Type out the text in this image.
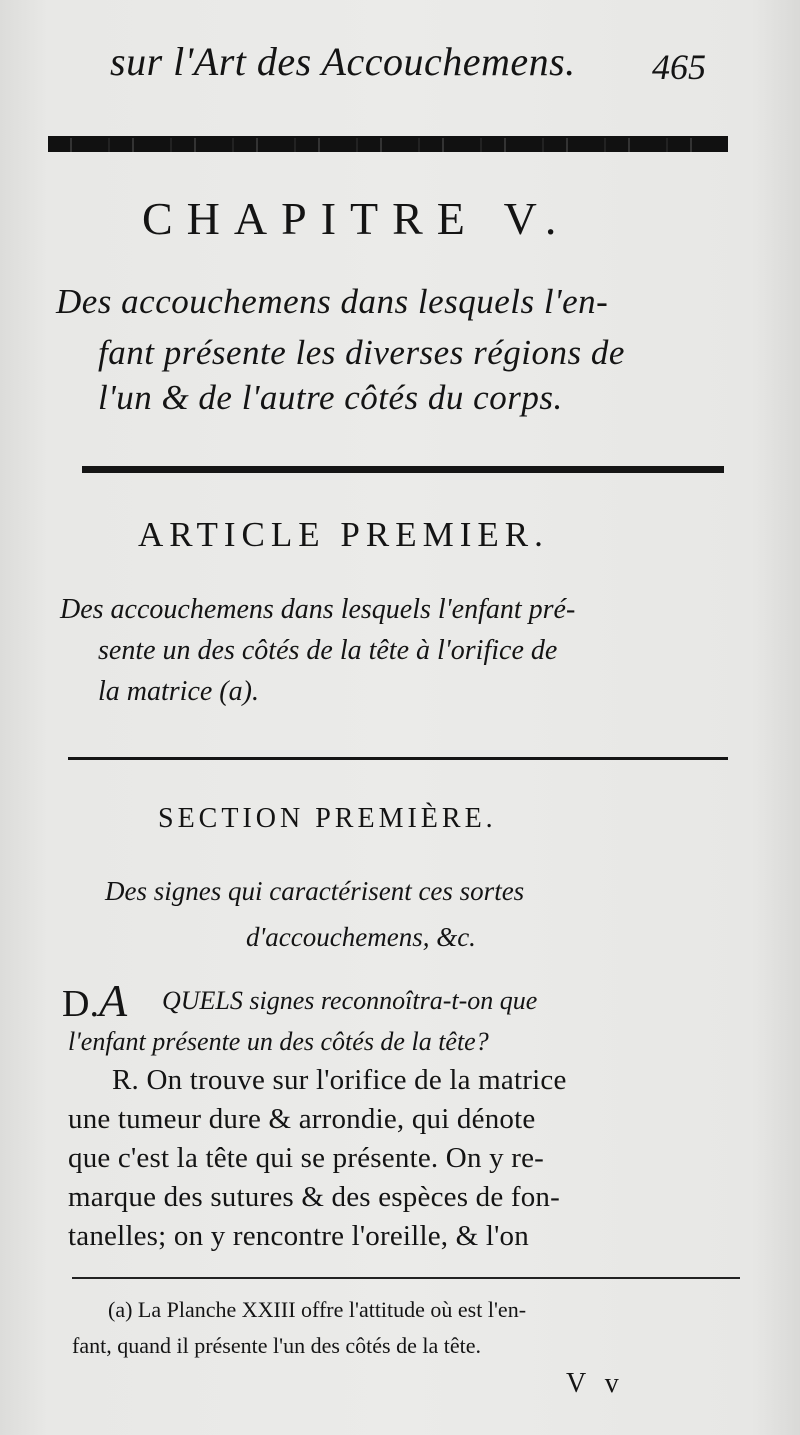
sur l'Art des Accouchemens. 465
CHAPITRE V.
Des accouchemens dans lesquels l'en-
fant présente les diverses régions de
l'un & de l'autre côtés du corps.
ARTICLE PREMIER.
Des accouchemens dans lesquels l'enfant pré-
sente un des côtés de la tête à l'orifice de
la matrice (a).
SECTION PREMIÈRE.
Des signes qui caractérisent ces sortes
d'accouchemens, &c.
D.A QUELS signes reconnoîtra-t-on que
l'enfant présente un des côtés de la tête?
R. On trouve sur l'orifice de la matrice
une tumeur dure & arrondie, qui dénote
que c'est la tête qui se présente. On y re-
marque des sutures & des espèces de fon-
tanelles; on y rencontre l'oreille, & l'on
(a) La Planche XXIII offre l'attitude où est l'en-
fant, quand il présente l'un des côtés de la tête.
V v
